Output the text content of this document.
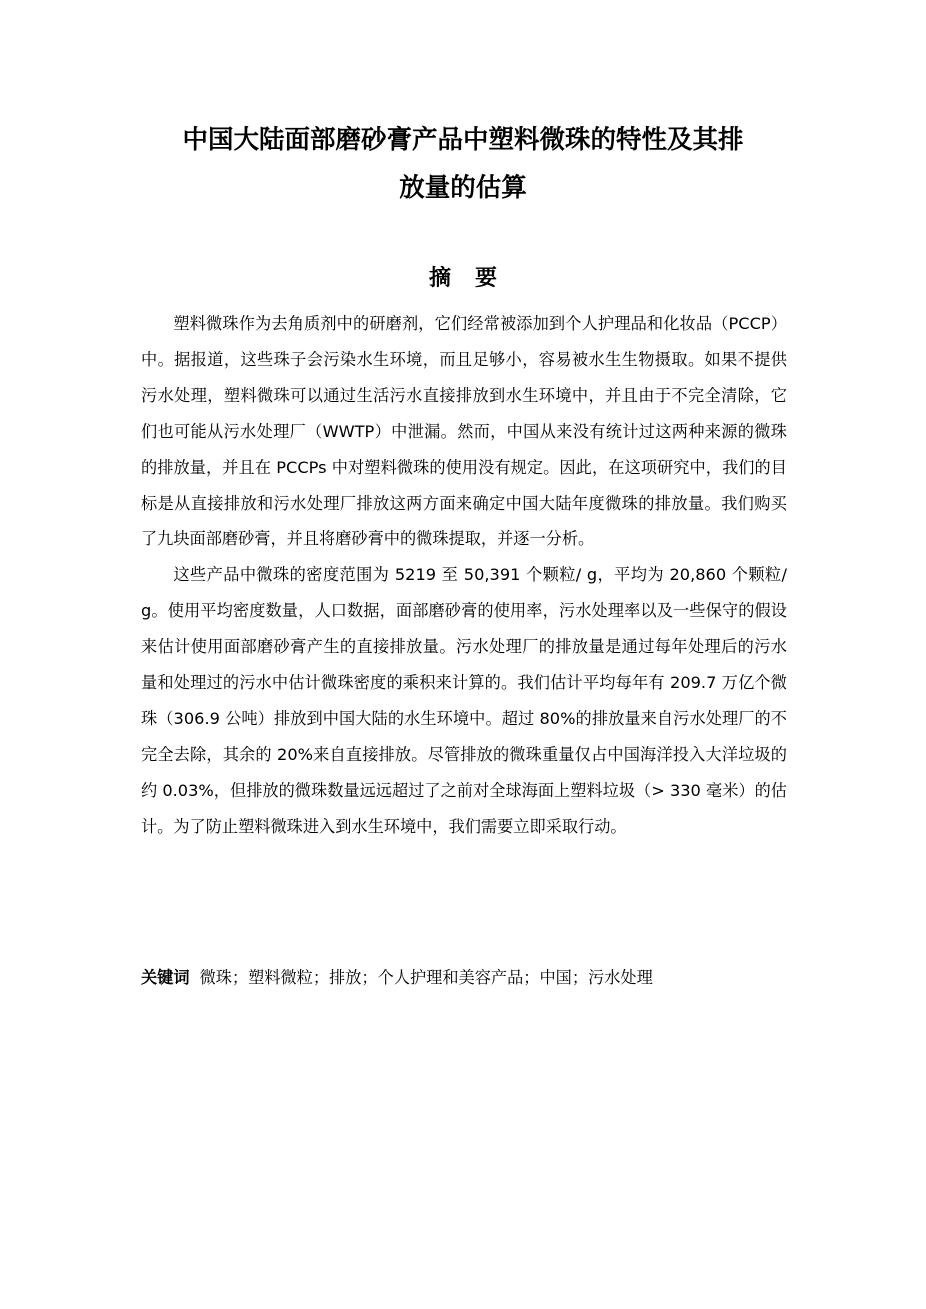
中国大陆面部磨砂膏产品中塑料微珠的特性及其排
放量的估算
摘要

塑料微珠作为去角质剂中的研磨剂，它们经常被添加到个人护理品和化妆品（PCCP）中。据报道，这些珠子会污染水生环境，而且足够小，容易被水生生物摄取。如果不提供污水处理，塑料微珠可以通过生活污水直接排放到水生环境中，并且由于不完全清除，它们也可能从污水处理厂（WWTP）中泄漏。然而，中国从来没有统计过这两种来源的微珠的排放量，并且在 PCCPs 中对塑料微珠的使用没有规定。因此，在这项研究中，我们的目标是从直接排放和污水处理厂排放这两方面来确定中国大陆年度微珠的排放量。我们购买了九块面部磨砂膏，并且将磨砂膏中的微珠提取，并逐一分析。

这些产品中微珠的密度范围为 5219 至 50,391 个颗粒/ g，平均为 20,860 个颗粒/ g。使用平均密度数量，人口数据，面部磨砂膏的使用率，污水处理率以及一些保守的假设来估计使用面部磨砂膏产生的直接排放量。污水处理厂的排放量是通过每年处理后的污水量和处理过的污水中估计微珠密度的乘积来计算的。我们估计平均每年有 209.7 万亿个微珠（306.9 公吨）排放到中国大陆的水生环境中。超过 80%的排放量来自污水处理厂的不完全去除，其余的 20%来自直接排放。尽管排放的微珠重量仅占中国海洋投入大洋垃圾的约 0.03%，但排放的微珠数量远远超过了之前对全球海面上塑料垃圾（> 330 毫米）的估计。为了防止塑料微珠进入到水生环境中，我们需要立即采取行动。

关键词 微珠；塑料微粒；排放；个人护理和美容产品；中国；污水处理
